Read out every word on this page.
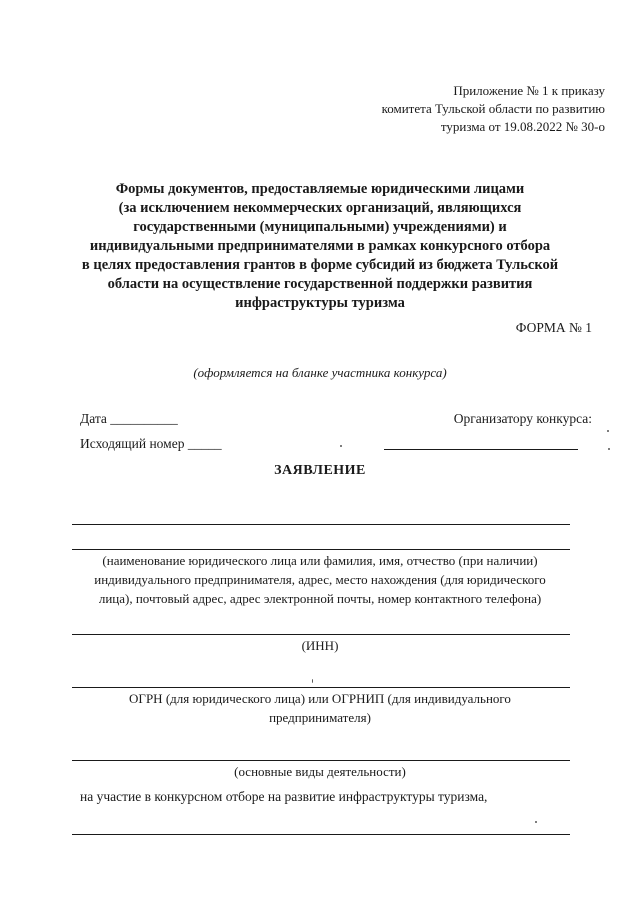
Приложение № 1 к приказу
комитета Тульской области по развитию
туризма от 19.08.2022 № 30-о
Формы документов, предоставляемые юридическими лицами
(за исключением некоммерческих организаций, являющихся
государственными (муниципальными) учреждениями) и
индивидуальными предпринимателями в рамках конкурсного отбора
в целях предоставления грантов в форме субсидий из бюджета Тульской
области на осуществление государственной поддержки развития
инфраструктуры туризма
ФОРМА № 1
(оформляется на бланке участника конкурса)
Дата __________	Организатору конкурса:
Исходящий номер _____
ЗАЯВЛЕНИЕ
(наименование юридического лица или фамилия, имя, отчество (при наличии)
индивидуального предпринимателя, адрес, место нахождения (для юридического
лица), почтовый адрес, адрес электронной почты, номер контактного телефона)
(ИНН)
ОГРН (для юридического лица) или ОГРНИП (для индивидуального
предпринимателя)
(основные виды деятельности)
на участие в конкурсном отборе на развитие инфраструктуры туризма,
